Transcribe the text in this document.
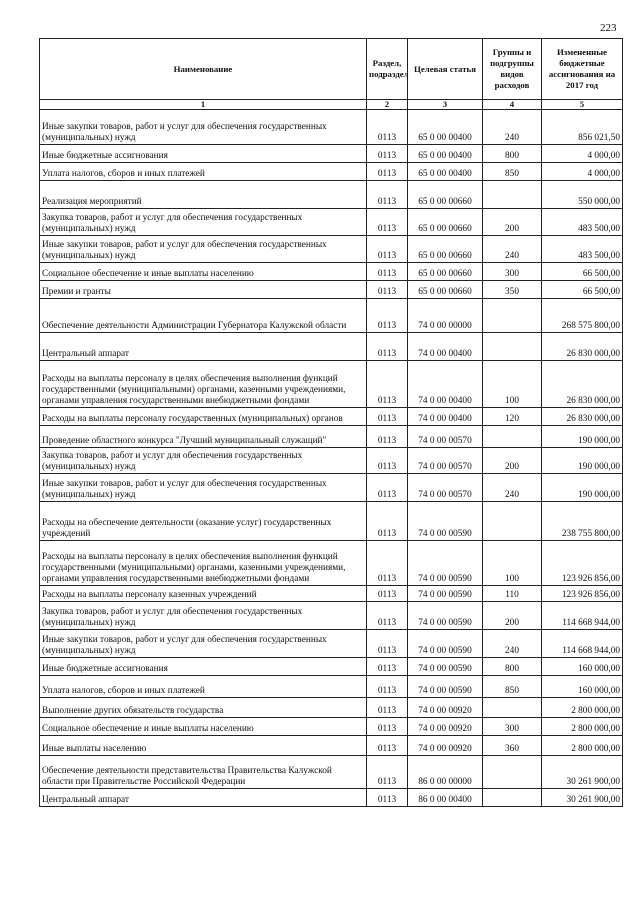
223
Наименование	Раздел, подраздел	Целевая статья	Группы и подгруппы видов расходов	Измененные бюджетные ассигнования на 2017 год
1	2	3	4	5
Иные закупки товаров, работ и услуг для обеспечения государственных (муниципальных) нужд	0113	65 0 00 00400	240	856 021,50
Иные бюджетные ассигнования	0113	65 0 00 00400	800	4 000,00
Уплата налогов, сборов и иных платежей	0113	65 0 00 00400	850	4 000,00
Реализация мероприятий	0113	65 0 00 00660		550 000,00
Закупка товаров, работ и услуг для обеспечения государственных (муниципальных) нужд	0113	65 0 00 00660	200	483 500,00
Иные закупки товаров, работ и услуг для обеспечения государственных (муниципальных) нужд	0113	65 0 00 00660	240	483 500,00
Социальное обеспечение и иные выплаты населению	0113	65 0 00 00660	300	66 500,00
Премии и гранты	0113	65 0 00 00660	350	66 500,00
Обеспечение деятельности Администрации Губернатора Калужской области	0113	74 0 00 00000		268 575 800,00
Центральный аппарат	0113	74 0 00 00400		26 830 000,00
Расходы на выплаты персоналу в целях обеспечения выполнения функций государственными (муниципальными) органами, казенными учреждениями, органами управления государственными внебюджетными фондами	0113	74 0 00 00400	100	26 830 000,00
Расходы на выплаты персоналу государственных (муниципальных) органов	0113	74 0 00 00400	120	26 830 000,00
Проведение областного конкурса "Лучший муниципальный служащий"	0113	74 0 00 00570		190 000,00
Закупка товаров, работ и услуг для обеспечения государственных (муниципальных) нужд	0113	74 0 00 00570	200	190 000,00
Иные закупки товаров, работ и услуг для обеспечения государственных (муниципальных) нужд	0113	74 0 00 00570	240	190 000,00
Расходы на обеспечение деятельности (оказание услуг) государственных учреждений	0113	74 0 00 00590		238 755 800,00
Расходы на выплаты персоналу в целях обеспечения выполнения функций государственными (муниципальными) органами, казенными учреждениями, органами управления государственными внебюджетными фондами	0113	74 0 00 00590	100	123 926 856,00
Расходы на выплаты персоналу казенных учреждений	0113	74 0 00 00590	110	123 926 856,00
Закупка товаров, работ и услуг для обеспечения государственных (муниципальных) нужд	0113	74 0 00 00590	200	114 668 944,00
Иные закупки товаров, работ и услуг для обеспечения государственных (муниципальных) нужд	0113	74 0 00 00590	240	114 668 944,00
Иные бюджетные ассигнования	0113	74 0 00 00590	800	160 000,00
Уплата налогов, сборов и иных платежей	0113	74 0 00 00590	850	160 000,00
Выполнение других обязательств государства	0113	74 0 00 00920		2 800 000,00
Социальное обеспечение и иные выплаты населению	0113	74 0 00 00920	300	2 800 000,00
Иные выплаты населению	0113	74 0 00 00920	360	2 800 000,00
Обеспечение деятельности представительства Правительства Калужской области при Правительстве Российской Федерации	0113	86 0 00 00000		30 261 900,00
Центральный аппарат	0113	86 0 00 00400		30 261 900,00
